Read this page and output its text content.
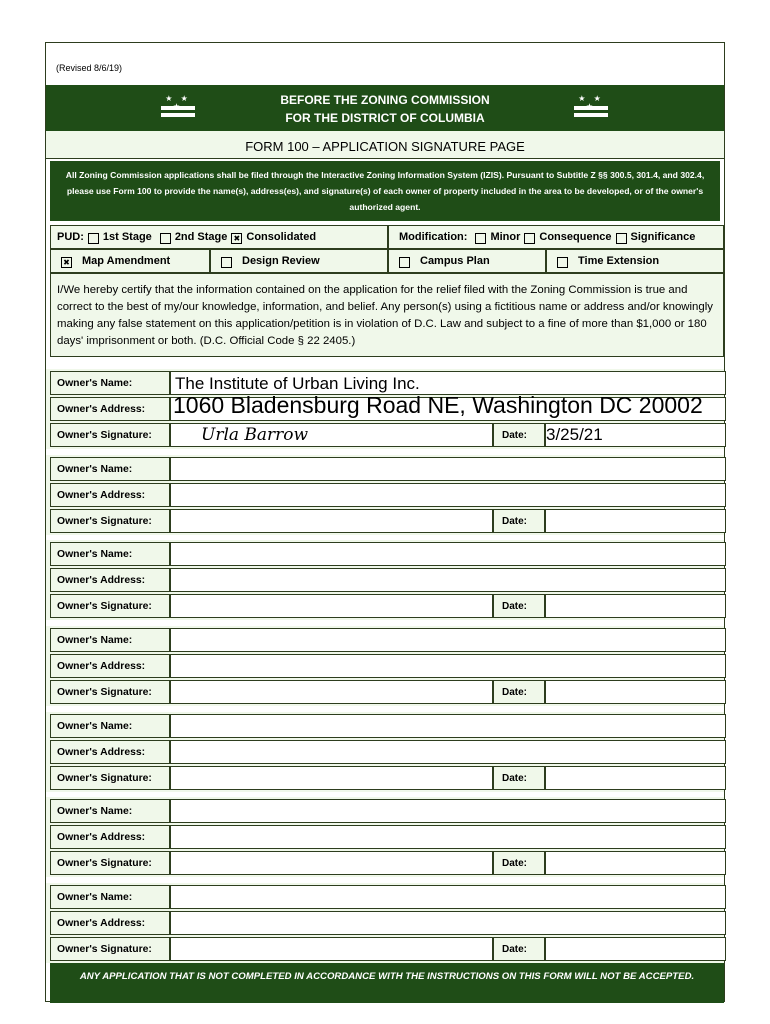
(Revised 8/6/19)
★ ★ ★	BEFORE THE ZONING COMMISSION
FOR THE DISTRICT OF COLUMBIA
★ ★ ★
FORM 100 – APPLICATION SIGNATURE PAGE
All Zoning Commission applications shall be filed through the Interactive Zoning Information System (IZIS). Pursuant to Subtitle Z §§ 300.5, 301.4, and 302.4, please use Form 100 to provide the name(s), address(es), and signature(s) of each owner of property included in the area to be developed, or of the owner's authorized agent.
PUD: 1st Stage 2nd Stage ✖ Consolidated	Modification: Minor Consequence Significance
✖ Map Amendment	Design Review	Campus Plan	Time Extension
I/We hereby certify that the information contained on the application for the relief filed with the Zoning Commission is true and correct to the best of my/our knowledge, information, and belief. Any person(s) using a fictitious name or address and/or knowingly making any false statement on this application/petition is in violation of D.C. Law and subject to a fine of more than $1,000 or 180 days' imprisonment or both. (D.C. Official Code § 22 2405.)
Owner's Name:	The Institute of Urban Living Inc.
Owner's Address:	1060 Bladensburg Road NE, Washington DC 20002
Owner's Signature:	Urla Barrow	Date:	3/25/21
Owner's Name:
Owner's Address:
Owner's Signature:	Date:
Owner's Name:
Owner's Address:
Owner's Signature:	Date:
Owner's Name:
Owner's Address:
Owner's Signature:	Date:
Owner's Name:
Owner's Address:
Owner's Signature:	Date:
Owner's Name:
Owner's Address:
Owner's Signature:	Date:
Owner's Name:
Owner's Address:
Owner's Signature:	Date:
ANY APPLICATION THAT IS NOT COMPLETED IN ACCORDANCE WITH THE INSTRUCTIONS ON THIS FORM WILL NOT BE ACCEPTED.
